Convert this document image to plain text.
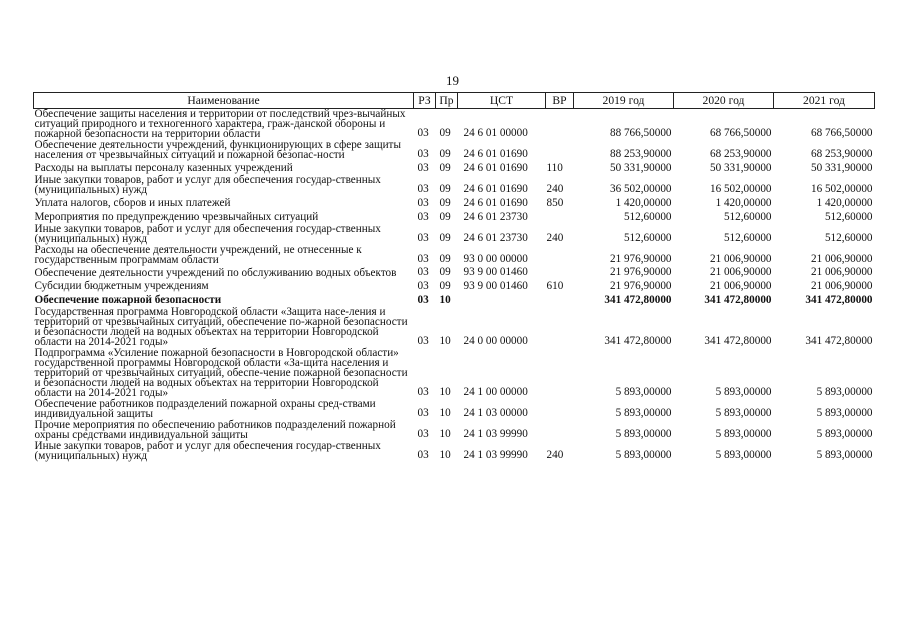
19
Наименование	РЗ	Пр	ЦСТ	ВР	2019 год	2020 год	2021 год
Обеспечение защиты населения и территории от последствий чрез-вычайных ситуаций природного и техногенного характера, граж-данской обороны и пожарной безопасности на территории области	03	09	24 6 01 00000		88 766,50000	68 766,50000	68 766,50000
Обеспечение деятельности учреждений, функционирующих в сфере защиты населения от чрезвычайных ситуаций и пожарной безопас-ности	03	09	24 6 01 01690		88 253,90000	68 253,90000	68 253,90000
Расходы на выплаты персоналу казенных учреждений	03	09	24 6 01 01690	110	50 331,90000	50 331,90000	50 331,90000
Иные закупки товаров, работ и услуг для обеспечения государ-ственных (муниципальных) нужд	03	09	24 6 01 01690	240	36 502,00000	16 502,00000	16 502,00000
Уплата налогов, сборов и иных платежей	03	09	24 6 01 01690	850	1 420,00000	1 420,00000	1 420,00000
Мероприятия по предупреждению чрезвычайных ситуаций	03	09	24 6 01 23730		512,60000	512,60000	512,60000
Иные закупки товаров, работ и услуг для обеспечения государ-ственных (муниципальных) нужд	03	09	24 6 01 23730	240	512,60000	512,60000	512,60000
Расходы на обеспечение деятельности учреждений, не отнесенные к государственным программам области	03	09	93 0 00 00000		21 976,90000	21 006,90000	21 006,90000
Обеспечение деятельности учреждений по обслуживанию водных объектов	03	09	93 9 00 01460		21 976,90000	21 006,90000	21 006,90000
Субсидии бюджетным учреждениям	03	09	93 9 00 01460	610	21 976,90000	21 006,90000	21 006,90000
Обеспечение пожарной безопасности	03	10			341 472,80000	341 472,80000	341 472,80000
Государственная программа Новгородской области «Защита насе-ления и территорий от чрезвычайных ситуаций, обеспечение по-жарной безопасности и безопасности людей на водных объектах на территории Новгородской области на 2014-2021 годы»	03	10	24 0 00 00000		341 472,80000	341 472,80000	341 472,80000
Подпрограмма «Усиление пожарной безопасности в Новгородской области» государственной программы Новгородской области «За-щита населения и территорий от чрезвычайных ситуаций, обеспе-чение пожарной безопасности и безопасности людей на водных объектах на территории Новгородской области на 2014-2021 годы»	03	10	24 1 00 00000		5 893,00000	5 893,00000	5 893,00000
Обеспечение работников подразделений пожарной охраны сред-ствами индивидуальной защиты	03	10	24 1 03 00000		5 893,00000	5 893,00000	5 893,00000
Прочие мероприятия по обеспечению работников подразделений пожарной охраны средствами индивидуальной защиты	03	10	24 1 03 99990		5 893,00000	5 893,00000	5 893,00000
Иные закупки товаров, работ и услуг для обеспечения государ-ственных (муниципальных) нужд	03	10	24 1 03 99990	240	5 893,00000	5 893,00000	5 893,00000
